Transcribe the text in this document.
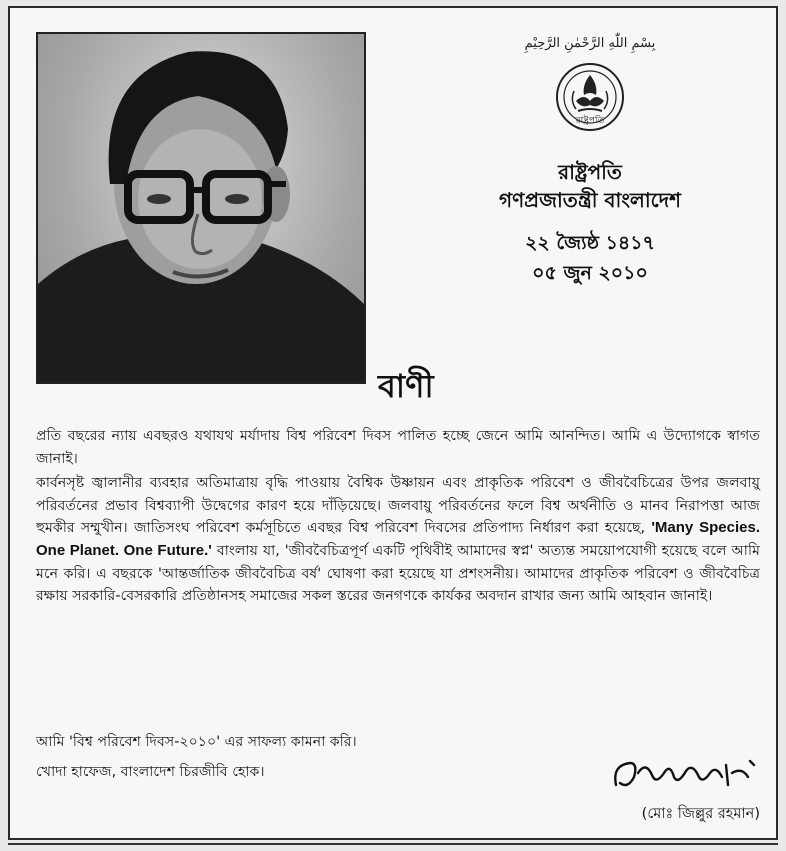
بِسْمِ اللّٰهِ الرَّحْمٰنِ الرَّحِيْمِ
রাষ্ট্রপতি
রাষ্ট্রপতি
গণপ্রজাতন্ত্রী বাংলাদেশ
২২ জ্যৈষ্ঠ ১৪১৭
০৫ জুন ২০১০
বাণী

প্রতি বছরের ন্যায় এবছরও যথাযথ মর্যাদায় বিশ্ব পরিবেশ দিবস পালিত হচ্ছে জেনে আমি আনন্দিত। আমি এ উদ্যোগকে স্বাগত জানাই।

কার্বনসৃষ্ট জ্বালানীর ব্যবহার অতিমাত্রায় বৃদ্ধি পাওয়ায় বৈশ্বিক উষ্ণায়ন এবং প্রাকৃতিক পরিবেশ ও জীববৈচিত্রের উপর জলবায়ু পরিবর্তনের প্রভাব বিশ্বব্যাপী উদ্বেগের কারণ হয়ে দাঁড়িয়েছে। জলবায়ু পরিবর্তনের ফলে বিশ্ব অর্থনীতি ও মানব নিরাপত্তা আজ হুমকীর সম্মুখীন। জাতিসংঘ পরিবেশ কর্মসূচিতে এবছর বিশ্ব পরিবেশ দিবসের প্রতিপাদ্য নির্ধারণ করা হয়েছে, 'Many Species. One Planet. One Future.' বাংলায় যা, 'জীববৈচিত্রপূর্ণ একটি পৃথিবীই আমাদের স্বপ্ন' অত্যন্ত সময়োপযোগী হয়েছে বলে আমি মনে করি। এ বছরকে 'আন্তর্জাতিক জীববৈচিত্র বর্ষ' ঘোষণা করা হয়েছে যা প্রশংসনীয়। আমাদের প্রাকৃতিক পরিবেশ ও জীববৈচিত্র রক্ষায় সরকারি-বেসরকারি প্রতিষ্ঠানসহ সমাজের সকল স্তরের জনগণকে কার্যকর অবদান রাখার জন্য আমি আহবান জানাই।

আমি 'বিশ্ব পরিবেশ দিবস-২০১০' এর সাফল্য কামনা করি।
খোদা হাফেজ, বাংলাদেশ চিরজীবি হোক।
(মোঃ জিল্লুর রহমান)
